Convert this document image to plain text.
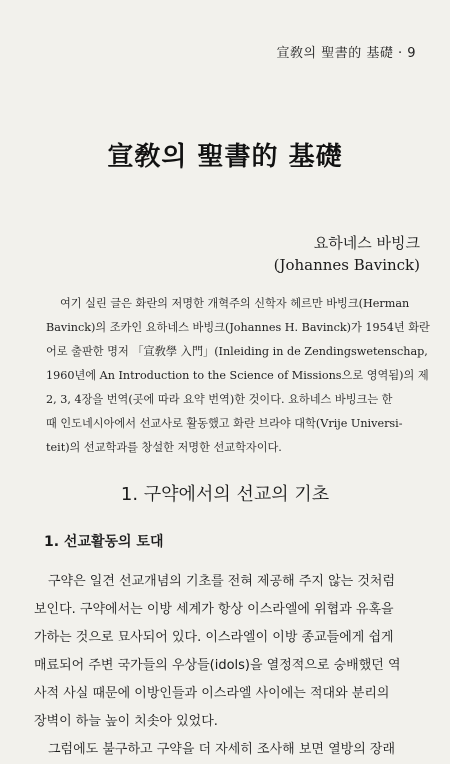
宣敎의 聖書的 基礎 · 9
宣敎의 聖書的 基礎
요하네스 바빙크
(Johannes Bavinck)
여기 실린 글은 화란의 저명한 개혁주의 신학자 헤르만 바빙크(Herman
Bavinck)의 조카인 요하네스 바빙크(Johannes H. Bavinck)가 1954년 화란
어로 출판한 명저 「宣敎學 入門」(Inleiding in de Zendingswetenschap,
1960년에 An Introduction to the Science of Missions으로 영역됨)의 제
2, 3, 4장을 번역(곳에 따라 요약 번역)한 것이다. 요하네스 바빙크는 한
때 인도네시아에서 선교사로 활동했고 화란 브라야 대학(Vrije Universi-
teit)의 선교학과를 창설한 저명한 선교학자이다.
1. 구약에서의 선교의 기초
1. 선교활동의 토대
구약은 일견 선교개념의 기초를 전혀 제공해 주지 않는 것처럼
보인다. 구약에서는 이방 세계가 항상 이스라엘에 위협과 유혹을
가하는 것으로 묘사되어 있다. 이스라엘이 이방 종교들에게 쉽게
매료되어 주변 국가들의 우상들(idols)을 열정적으로 숭배했던 역
사적 사실 때문에 이방인들과 이스라엘 사이에는 적대와 분리의
장벽이 하늘 높이 치솟아 있었다.
그럼에도 불구하고 구약을 더 자세히 조사해 보면 열방의 장래
